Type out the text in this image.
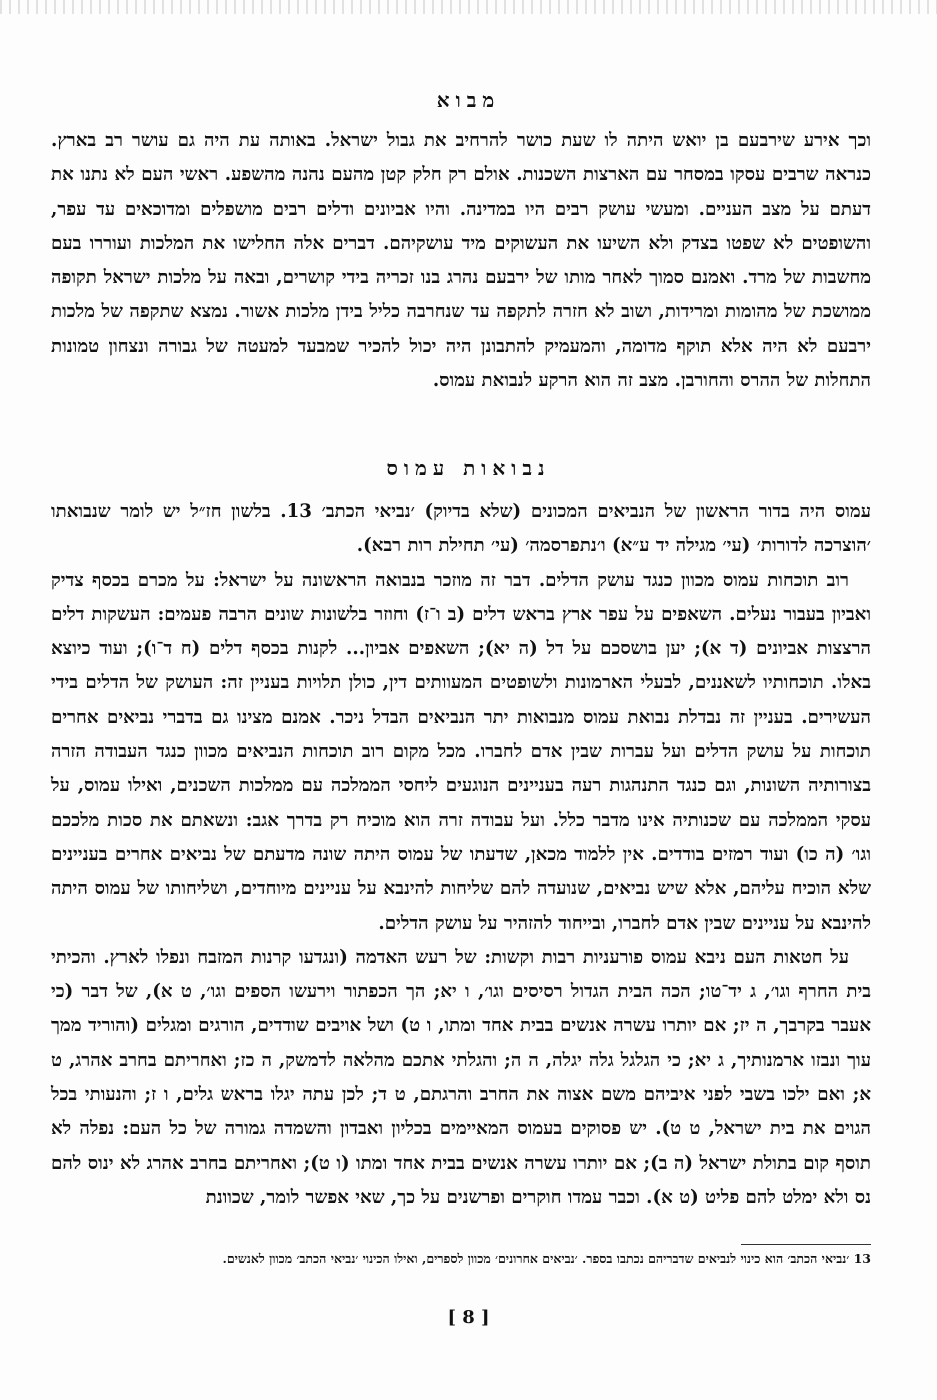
מבוא

וכך אירע שירבעם בן יואש היתה לו שעת כושר להרחיב את גבול ישראל. באותה עת היה גם עושר רב בארץ. כנראה שרבים עסקו במסחר עם הארצות השכנות. אולם רק חלק קטן מהעם נהנה מהשפע. ראשי העם לא נתנו את דעתם על מצב העניים. ומעשי עושק רבים היו במדינה. והיו אביונים ודלים רבים מושפלים ומדוכאים עד עפר, והשופטים לא שפטו בצדק ולא השיעו את העשוקים מיד עושקיהם. דברים אלה החלישו את המלכות ועוררו בעם מחשבות של מרד. ואמנם סמוך לאחר מותו של ירבעם נהרג בנו זכריה בידי קושרים, ובאה על מלכות ישראל תקופה ממושכת של מהומות ומרידות, ושוב לא חזרה לתקפה עד שנחרבה כליל בידן מלכות אשור. נמצא שתקפה של מלכות ירבעם לא היה אלא תוקף מדומה, והמעמיק להתבונן היה יכול להכיר שמבעד למעטה של גבורה ונצחון טמונות התחלות של ההרס והחורבן. מצב זה הוא הרקע לנבואת עמוס.

נבואות עמוס

עמוס היה בדור הראשון של הנביאים המכונים (שלא בדיוק) ׳נביאי הכתב׳ 13. בלשון חז״ל יש לומר שנבואתו ׳הוצרכה לדורות׳ (עי׳ מגילה יד ע״א) ו׳נתפרסמה׳ (עי׳ תחילת רות רבא).

רוב תוכחות עמוס מכוון כנגד עושק הדלים. דבר זה מוזכר בנבואה הראשונה על ישראל: על מכרם בכסף צדיק ואביון בעבור נעלים. השאפים על עפר ארץ בראש דלים (ב ו־ז) וחוזר בלשונות שונים הרבה פעמים: העשקות דלים הרצצות אביונים (ד א); יען בושסכם על דל (ה יא); השאפים אביון... לקנות בכסף דלים (ח ד־ו); ועוד כיוצא באלו. תוכחותיו לשאננים, לבעלי הארמונות ולשופטים המעוותים דין, כולן תלויות בעניין זה: העושק של הדלים בידי העשירים. בעניין זה נבדלת נבואת עמוס מנבואות יתר הנביאים הבדל ניכר. אמנם מצינו גם בדברי נביאים אחרים תוכחות על עושק הדלים ועל עברות שבין אדם לחברו. מכל מקום רוב תוכחות הנביאים מכוון כנגד העבודה הזרה בצורותיה השונות, וגם כנגד התנהגות רעה בעניינים הנוגעים ליחסי הממלכה עם ממלכות השכנים, ואילו עמוס, על עסקי הממלכה עם שכנותיה אינו מדבר כלל. ועל עבודה זרה הוא מוכיח רק בדרך אגב: ונשאתם את סכות מלככם וגו׳ (ה כו) ועוד רמזים בודדים. אין ללמוד מכאן, שדעתו של עמוס היתה שונה מדעתם של נביאים אחרים בעניינים שלא הוכיח עליהם, אלא שיש נביאים, שנועדה להם שליחות להינבא על עניינים מיוחדים, ושליחותו של עמוס היתה להינבא על עניינים שבין אדם לחברו, ובייחוד להזהיר על עושק הדלים.

על חטאות העם ניבא עמוס פורעניות רבות וקשות: של רעש האדמה (ונגדעו קרנות המזבח ונפלו לארץ. והכיתי בית החרף וגו׳, ג יד־טו; הכה הבית הגדול רסיסים וגו׳, ו יא; הך הכפתור וירעשו הספים וגו׳, ט א), של דבר (כי אעבר בקרבך, ה יז; אם יותרו עשרה אנשים בבית אחד ומתו, ו ט) ושל אויבים שודדים, הורגים ומגלים (והוריד ממך עוך ונבזו ארמנותיך, ג יא; כי הגלגל גלה יגלה, ה ה; והגלתי אתכם מהלאה לדמשק, ה כז; ואחריתם בחרב אהרג, ט א; ואם ילכו בשבי לפני איביהם משם אצוה את החרב והרגתם, ט ד; לכן עתה יגלו בראש גלים, ו ז; והנעותי בכל הגוים את בית ישראל, ט ט). יש פסוקים בעמוס המאיימים בכליון ואבדון והשמדה גמורה של כל העם: נפלה לא תוסף קום בתולת ישראל (ה ב); אם יותרו עשרה אנשים בבית אחד ומתו (ו ט); ואחריתם בחרב אהרג לא ינוס להם נס ולא ימלט להם פליט (ט א). וכבר עמדו חוקרים ופרשנים על כך, שאי אפשר לומר, שכוונת

13 ׳נביאי הכתב׳ הוא כינוי לנביאים שדבריהם נכתבו בספר. ׳נביאים אחרונים׳ מכוון לספרים, ואילו הכינוי ׳נביאי הכתב׳ מכוון לאנשים.
[ 8 ]
